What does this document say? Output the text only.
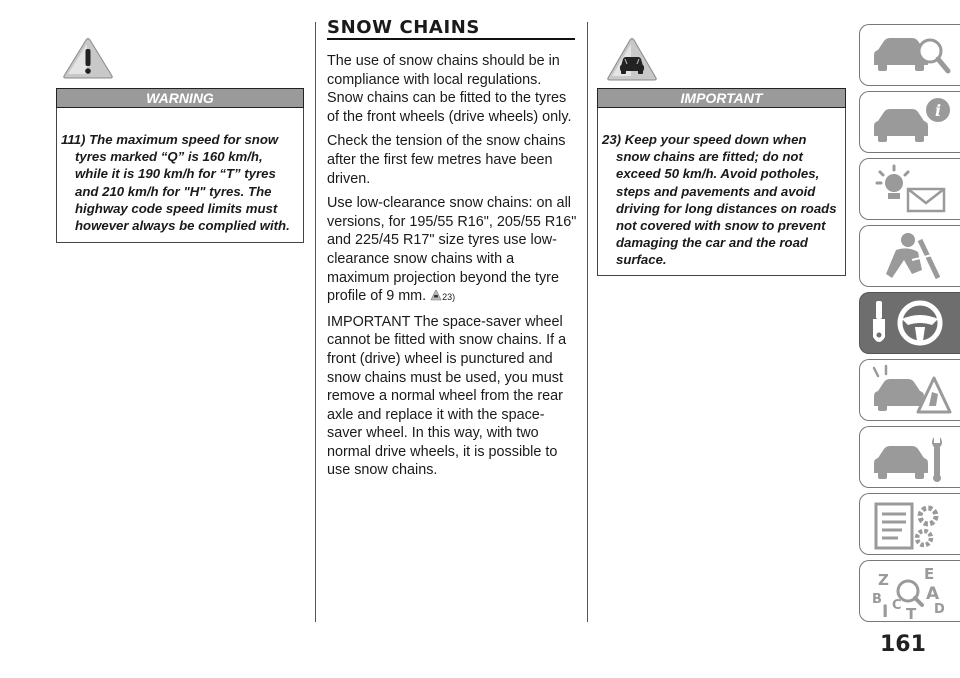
WARNING
111) The maximum speed for snow tyres marked “Q” is 160 km/h, while it is 190 km/h for “T” tyres and 210 km/h for "H" tyres. The highway code speed limits must however always be complied with.
SNOW CHAINS

The use of snow chains should be in compliance with local regulations. Snow chains can be fitted to the tyres of the front wheels (drive wheels) only.

Check the tension of the snow chains after the first few metres have been driven.

Use low-clearance snow chains: on all versions, for 195/55 R16", 205/55 R16" and 225/45 R17" size tyres use low-clearance snow chains with a maximum projection beyond the tyre profile of 9 mm. 23)

IMPORTANT The space-saver wheel cannot be fitted with snow chains. If a front (drive) wheel is punctured and snow chains must be used, you must remove a normal wheel from the rear axle and replace it with the space-saver wheel. In this way, with two normal drive wheels, it is possible to use snow chains.

IMPORTANT
23) Keep your speed down when snow chains are fitted; do not exceed 50 km/h. Avoid potholes, steps and pavements and avoid driving for long distances on roads not covered with snow to prevent damaging the car and the road surface.
i
Z E
B	A
I C T D
161
